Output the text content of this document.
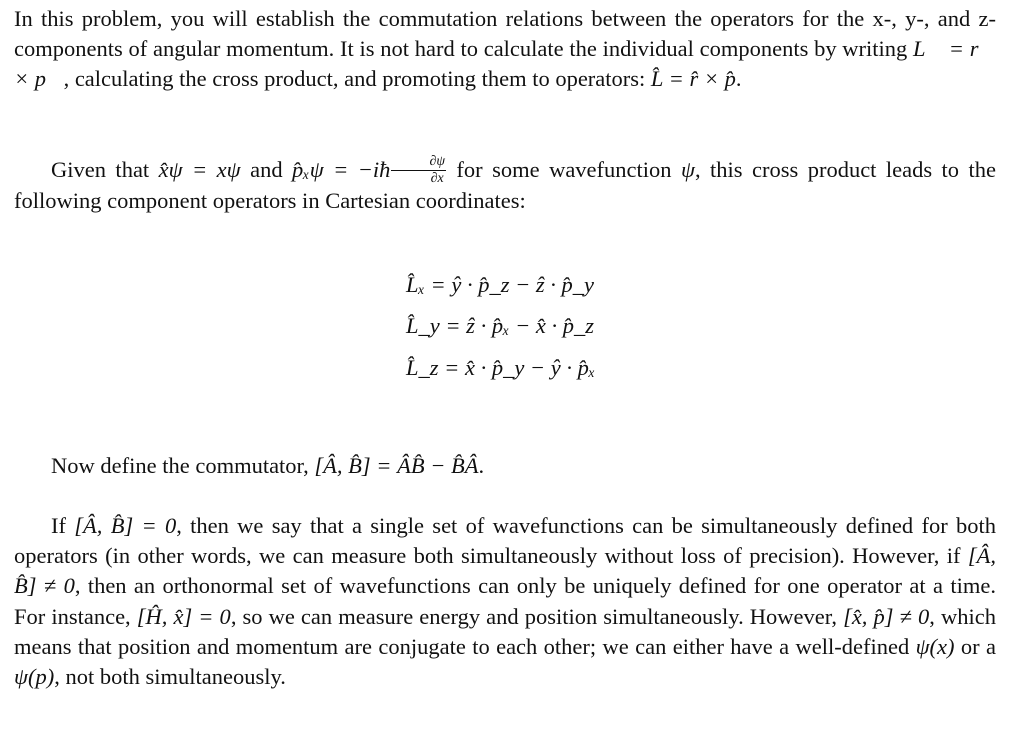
In this problem, you will establish the commutation relations between the operators for the x-, y-, and z-components of angular momentum. It is not hard to calculate the individual components by writing L⃗ = r⃗ × p⃗, calculating the cross product, and promoting them to operators: L̂ = r̂ × p̂.

Given that x̂ψ = xψ and p̂ₓψ = −iħ $\frac{\partial\psi}{\partial x}$ for some wavefunction ψ, this cross product leads to the following component operators in Cartesian coordinates:

L̂ₓ = ŷ · p̂_z − ẑ · p̂_y
L̂_y = ẑ · p̂ₓ − x̂ · p̂_z
L̂_z = x̂ · p̂_y − ŷ · p̂ₓ

Now define the commutator, [Â, B̂] = ÂB̂ − B̂Â.

If [Â, B̂] = 0, then we say that a single set of wavefunctions can be simultaneously defined for both operators (in other words, we can measure both simultaneously without loss of precision). However, if [Â, B̂] ≠ 0, then an orthonormal set of wavefunctions can only be uniquely defined for one operator at a time. For instance, [Ĥ, x̂] = 0, so we can measure energy and position simultaneously. However, [x̂, p̂] ≠ 0, which means that position and momentum are conjugate to each other; we can either have a well-defined ψ(x) or a ψ(p), not both simultaneously.
